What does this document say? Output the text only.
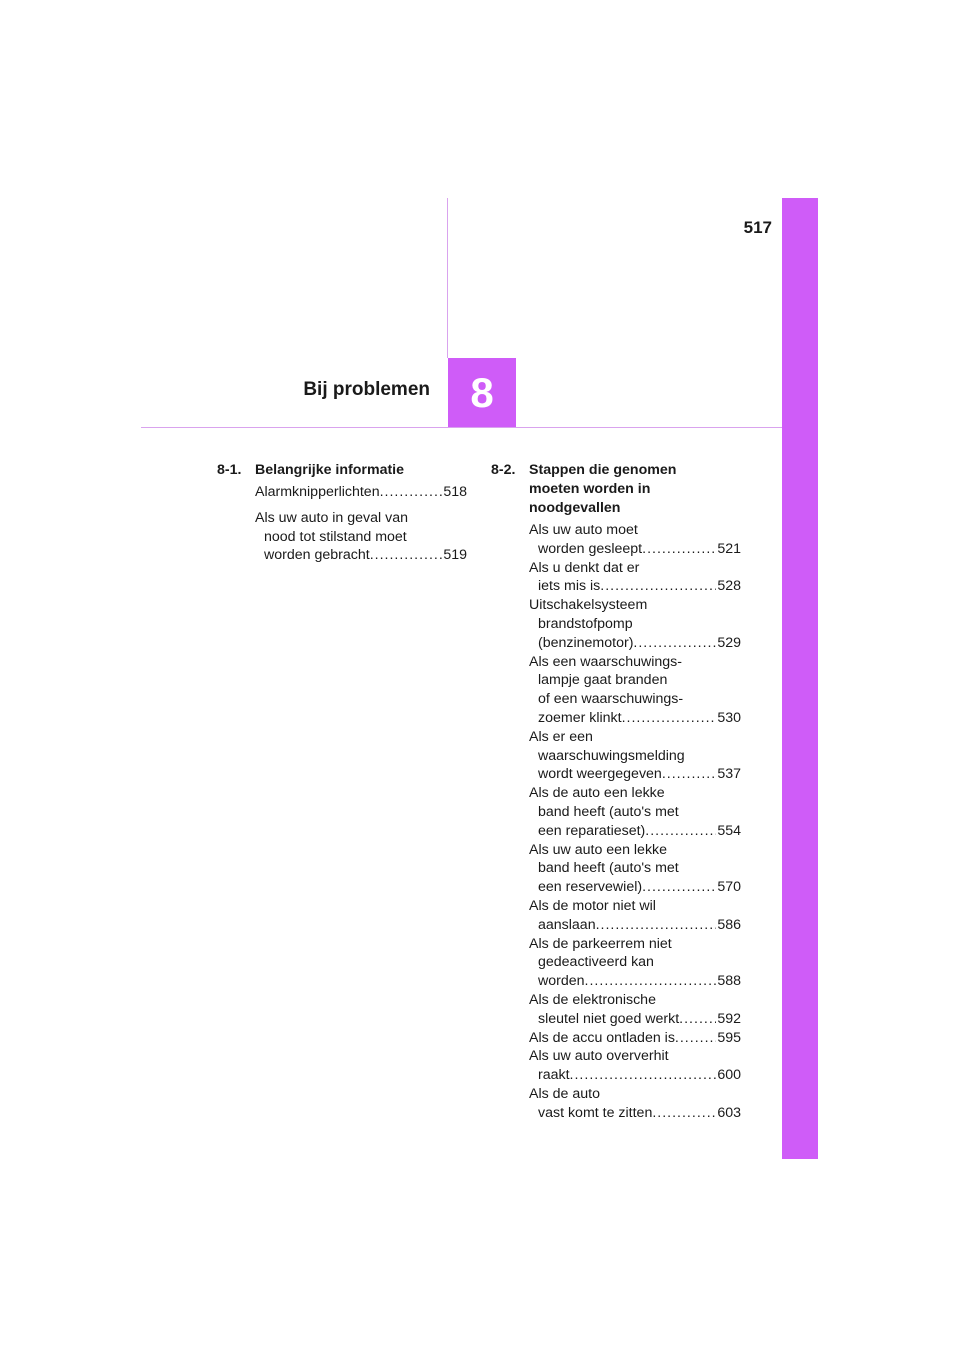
517
Bij problemen 8
8-1. Belangrijke informatie
Alarmknipperlichten .....	518
Als uw auto in geval van
nood tot stilstand moet
worden gebracht .....	519
8-2. Stappen die genomen
moeten worden in
noodgevallen
Als uw auto moet
worden gesleept .....	521
Als u denkt dat er
iets mis is .....	528
Uitschakelsysteem
brandstofpomp
(benzinemotor) .....	529
Als een waarschuwings-
lampje gaat branden
of een waarschuwings-
zoemer klinkt .....	530
Als er een
waarschuwingsmelding
wordt weergegeven .....	537
Als de auto een lekke
band heeft (auto's met
een reparatieset) .....	554
Als uw auto een lekke
band heeft (auto's met
een reservewiel) .....	570
Als de motor niet wil
aanslaan .....	586
Als de parkeerrem niet
gedeactiveerd kan
worden .....	588
Als de elektronische
sleutel niet goed werkt .....	592
Als de accu ontladen is .....	595
Als uw auto oververhit
raakt .....	600
Als de auto
vast komt te zitten .....	603
